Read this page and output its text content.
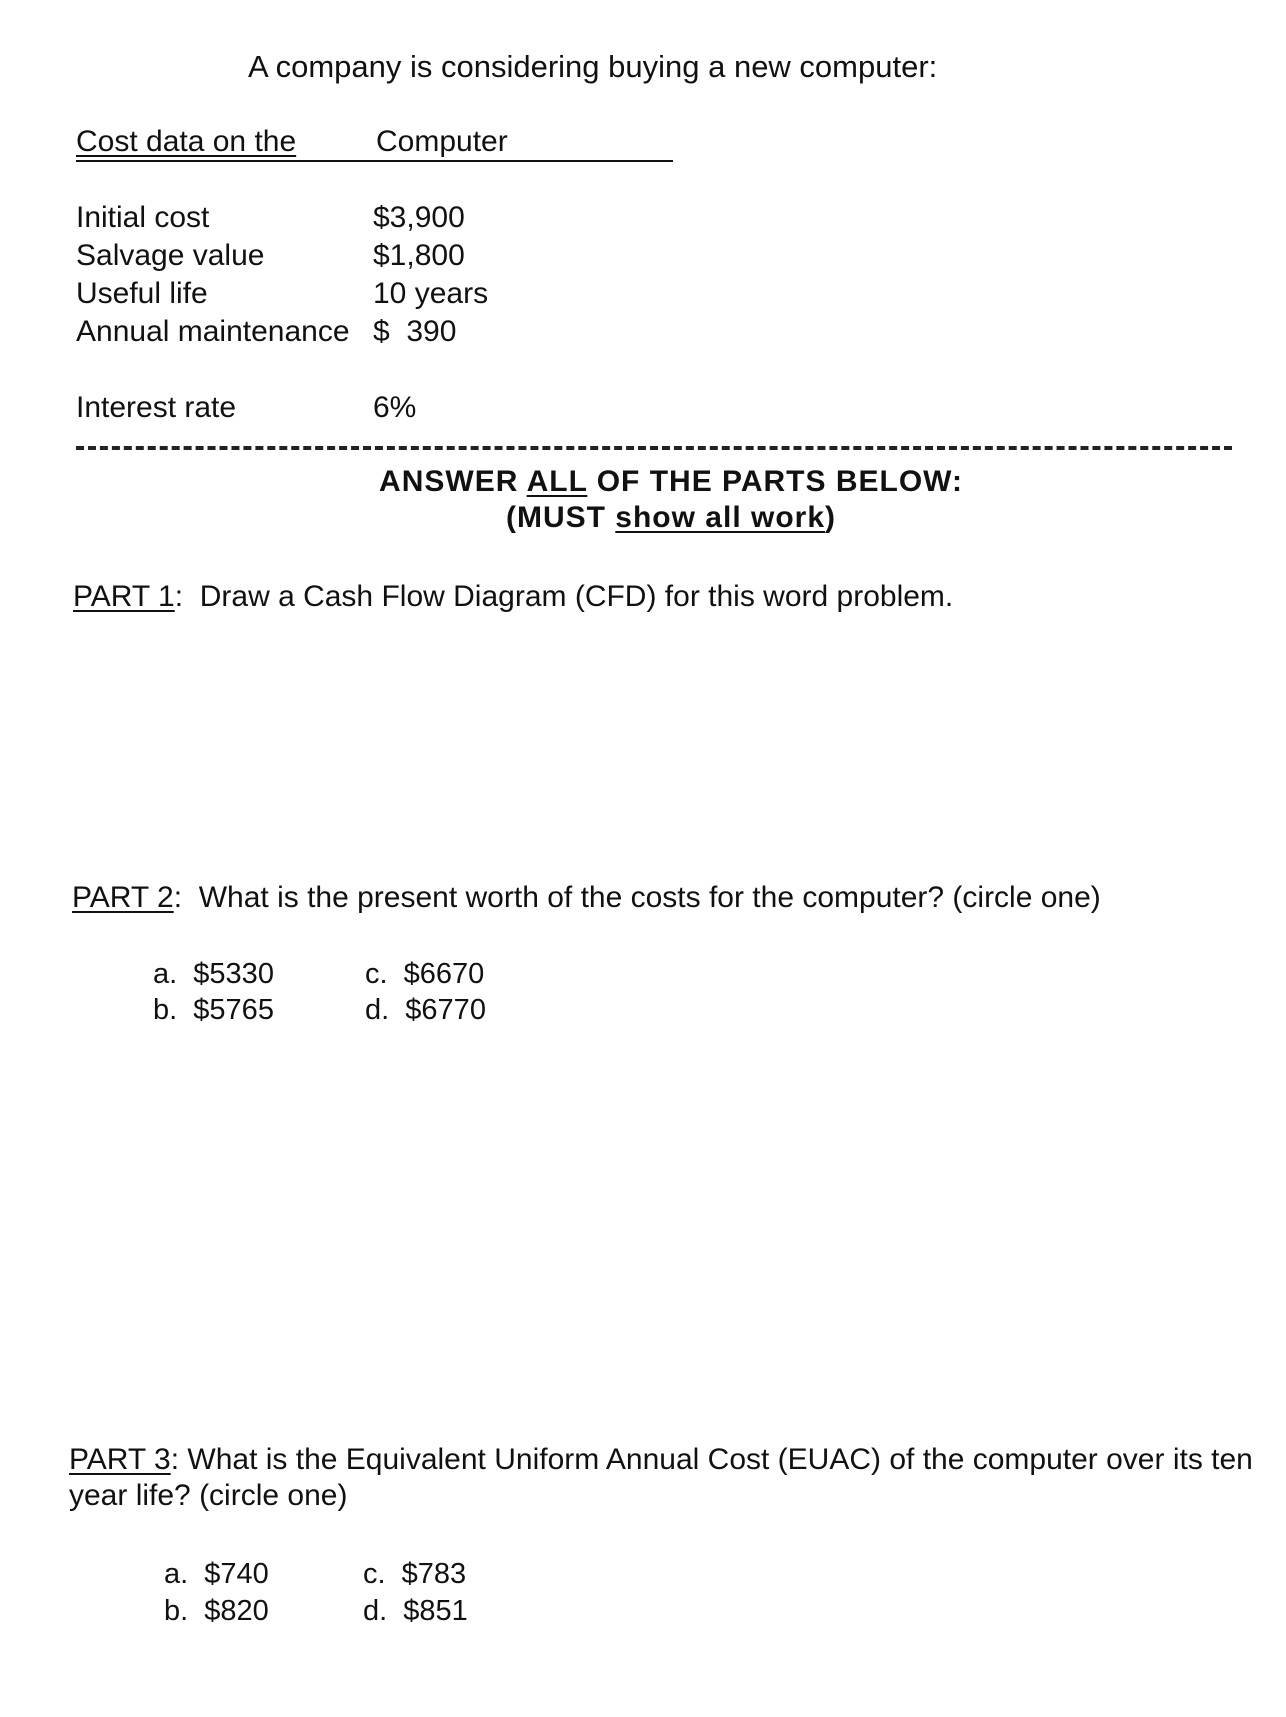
A company is considering buying a new computer:
Cost data on the	Computer
Initial cost	$3,900
Salvage value	$1,800
Useful life	10 years
Annual maintenance $  390
Interest rate	6%
ANSWER ALL OF THE PARTS BELOW:
(MUST show all work)
PART 1:  Draw a Cash Flow Diagram (CFD) for this word problem.
PART 2:  What is the present worth of the costs for the computer? (circle one)
a.  $5330
b.  $5765
c.  $6670
d.  $6770
PART 3: What is the Equivalent Uniform Annual Cost (EUAC) of the computer over its ten year life? (circle one)
a.  $740
b.  $820
c.  $783
d.  $851
